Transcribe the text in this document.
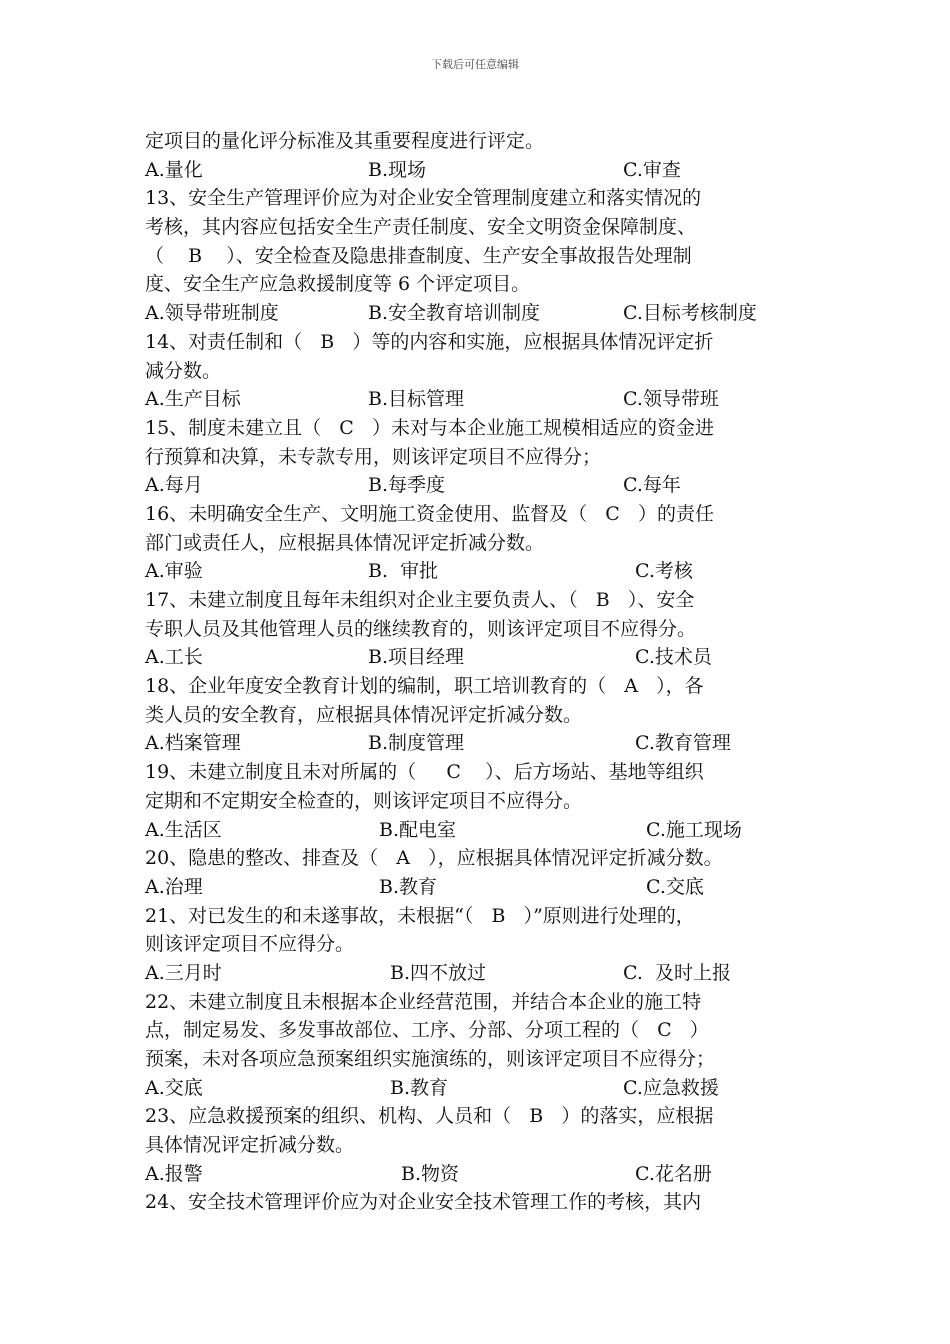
下载后可任意编辑
定项目的量化评分标准及其重要程度进行评定。
A.量化	B.现场	C.审查
13、安全生产管理评价应为对企业安全管理制度建立和落实情况的
考核，其内容应包括安全生产责任制度、安全文明资金保障制度、
（    B    ）、安全检查及隐患排查制度、生产安全事故报告处理制
度、安全生产应急救援制度等 6 个评定项目。
A.领导带班制度	B.安全教育培训制度	C.目标考核制度
14、对责任制和（   B   ）等的内容和实施，应根据具体情况评定折
减分数。
A.生产目标	B.目标管理	C.领导带班
15、制度未建立且（   C   ）未对与本企业施工规模相适应的资金进
行预算和决算，未专款专用，则该评定项目不应得分；
A.每月	B.每季度	C.每年
16、未明确安全生产、文明施工资金使用、监督及（   C   ）的责任
部门或责任人，应根据具体情况评定折减分数。
A.审验	B.  审批	C.考核
17、未建立制度且每年未组织对企业主要负责人、（   B   ）、安全
专职人员及其他管理人员的继续教育的，则该评定项目不应得分。
A.工长	B.项目经理	C.技术员
18、企业年度安全教育计划的编制，职工培训教育的（   A   ），各
类人员的安全教育，应根据具体情况评定折减分数。
A.档案管理	B.制度管理	C.教育管理
19、未建立制度且未对所属的（     C    ）、后方场站、基地等组织
定期和不定期安全检查的，则该评定项目不应得分。
A.生活区	B.配电室	C.施工现场
20、隐患的整改、排查及（   A   ），应根据具体情况评定折减分数。
A.治理	B.教育	C.交底
21、对已发生的和未遂事故，未根据“（   B   ）”原则进行处理的，
则该评定项目不应得分。
A.三月时	B.四不放过	C.  及时上报
22、未建立制度且未根据本企业经营范围，并结合本企业的施工特
点，制定易发、多发事故部位、工序、分部、分项工程的（   C   ）
预案，未对各项应急预案组织实施演练的，则该评定项目不应得分；
A.交底	B.教育	C.应急救援
23、应急救援预案的组织、机构、人员和（   B   ）的落实，应根据
具体情况评定折减分数。
A.报警	B.物资	C.花名册
24、安全技术管理评价应为对企业安全技术管理工作的考核，其内
